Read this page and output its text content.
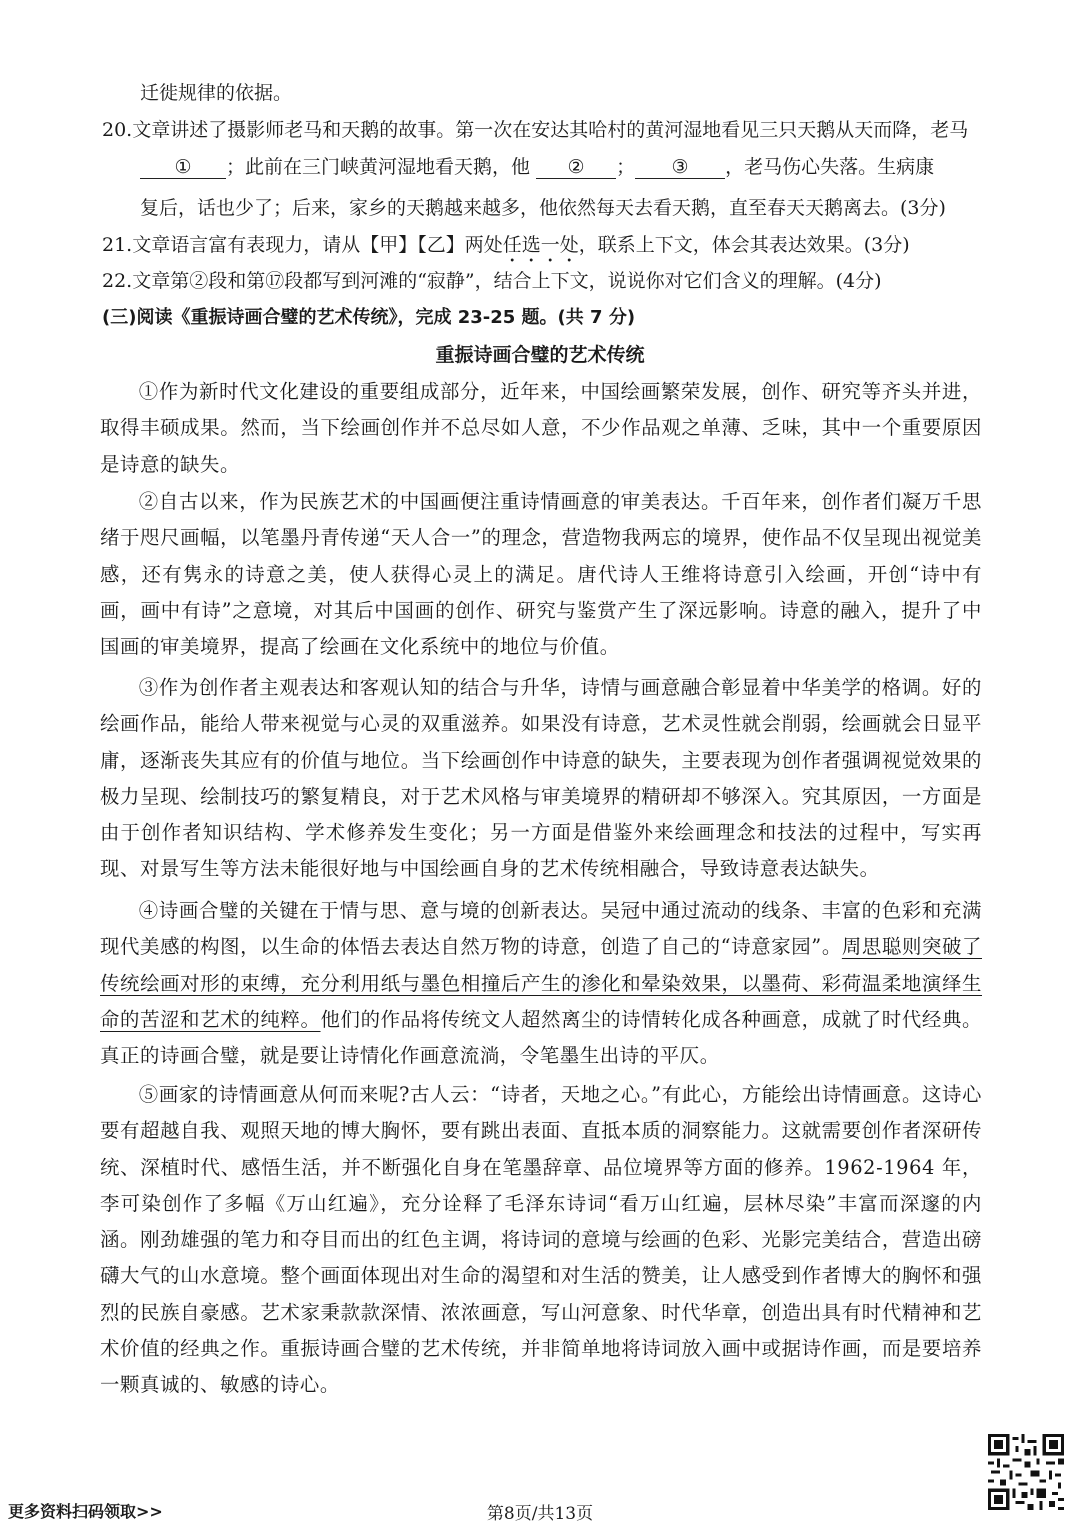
迁徙规律的依据。
20.文章讲述了摄影师老马和天鹅的故事。第一次在安达其哈村的黄河湿地看见三只天鹅从天而降，老马
① ；此前在三门峡黄河湿地看天鹅，他 ② ； ③ ，老马伤心失落。生病康
复后，话也少了；后来，家乡的天鹅越来越多，他依然每天去看天鹅，直至春天天鹅离去。(3分)
21.文章语言富有表现力，请从【甲】【乙】两处任选一处，联系上下文，体会其表达效果。(3分)
22.文章第②段和第⑰段都写到河滩的“寂静”，结合上下文，说说你对它们含义的理解。(4分)
(三)阅读《重振诗画合璧的艺术传统》，完成 23-25 题。(共 7 分)
重振诗画合璧的艺术传统

①作为新时代文化建设的重要组成部分，近年来，中国绘画繁荣发展，创作、研究等齐头并进，取得丰硕成果。然而，当下绘画创作并不总尽如人意，不少作品观之单薄、乏味，其中一个重要原因是诗意的缺失。

②自古以来，作为民族艺术的中国画便注重诗情画意的审美表达。千百年来，创作者们凝万千思绪于咫尺画幅，以笔墨丹青传递“天人合一”的理念，营造物我两忘的境界，使作品不仅呈现出视觉美感，还有隽永的诗意之美，使人获得心灵上的满足。唐代诗人王维将诗意引入绘画，开创“诗中有画，画中有诗”之意境，对其后中国画的创作、研究与鉴赏产生了深远影响。诗意的融入，提升了中国画的审美境界，提高了绘画在文化系统中的地位与价值。

③作为创作者主观表达和客观认知的结合与升华，诗情与画意融合彰显着中华美学的格调。好的绘画作品，能给人带来视觉与心灵的双重滋养。如果没有诗意，艺术灵性就会削弱，绘画就会日显平庸，逐渐丧失其应有的价值与地位。当下绘画创作中诗意的缺失，主要表现为创作者强调视觉效果的极力呈现、绘制技巧的繁复精良，对于艺术风格与审美境界的精研却不够深入。究其原因，一方面是由于创作者知识结构、学术修养发生变化；另一方面是借鉴外来绘画理念和技法的过程中，写实再现、对景写生等方法未能很好地与中国绘画自身的艺术传统相融合，导致诗意表达缺失。

④诗画合璧的关键在于情与思、意与境的创新表达。吴冠中通过流动的线条、丰富的色彩和充满现代美感的构图，以生命的体悟去表达自然万物的诗意，创造了自己的“诗意家园”。周思聪则突破了传统绘画对形的束缚，充分利用纸与墨色相撞后产生的渗化和晕染效果，以墨荷、彩荷温柔地演绎生命的苦涩和艺术的纯粹。他们的作品将传统文人超然离尘的诗情转化成各种画意，成就了时代经典。真正的诗画合璧，就是要让诗情化作画意流淌，令笔墨生出诗的平仄。

⑤画家的诗情画意从何而来呢?古人云：“诗者，天地之心。”有此心，方能绘出诗情画意。这诗心要有超越自我、观照天地的博大胸怀，要有跳出表面、直抵本质的洞察能力。这就需要创作者深研传统、深植时代、感悟生活，并不断强化自身在笔墨辞章、品位境界等方面的修养。1962-1964 年，李可染创作了多幅《万山红遍》，充分诠释了毛泽东诗词“看万山红遍，层林尽染”丰富而深邃的内涵。刚劲雄强的笔力和夺目而出的红色主调，将诗词的意境与绘画的色彩、光影完美结合，营造出磅礴大气的山水意境。整个画面体现出对生命的渴望和对生活的赞美，让人感受到作者博大的胸怀和强烈的民族自豪感。艺术家秉款款深情、浓浓画意，写山河意象、时代华章，创造出具有时代精神和艺术价值的经典之作。重振诗画合璧的艺术传统，并非简单地将诗词放入画中或据诗作画，而是要培养一颗真诚的、敏感的诗心。

更多资料扫码领取>>	第8页/共13页
